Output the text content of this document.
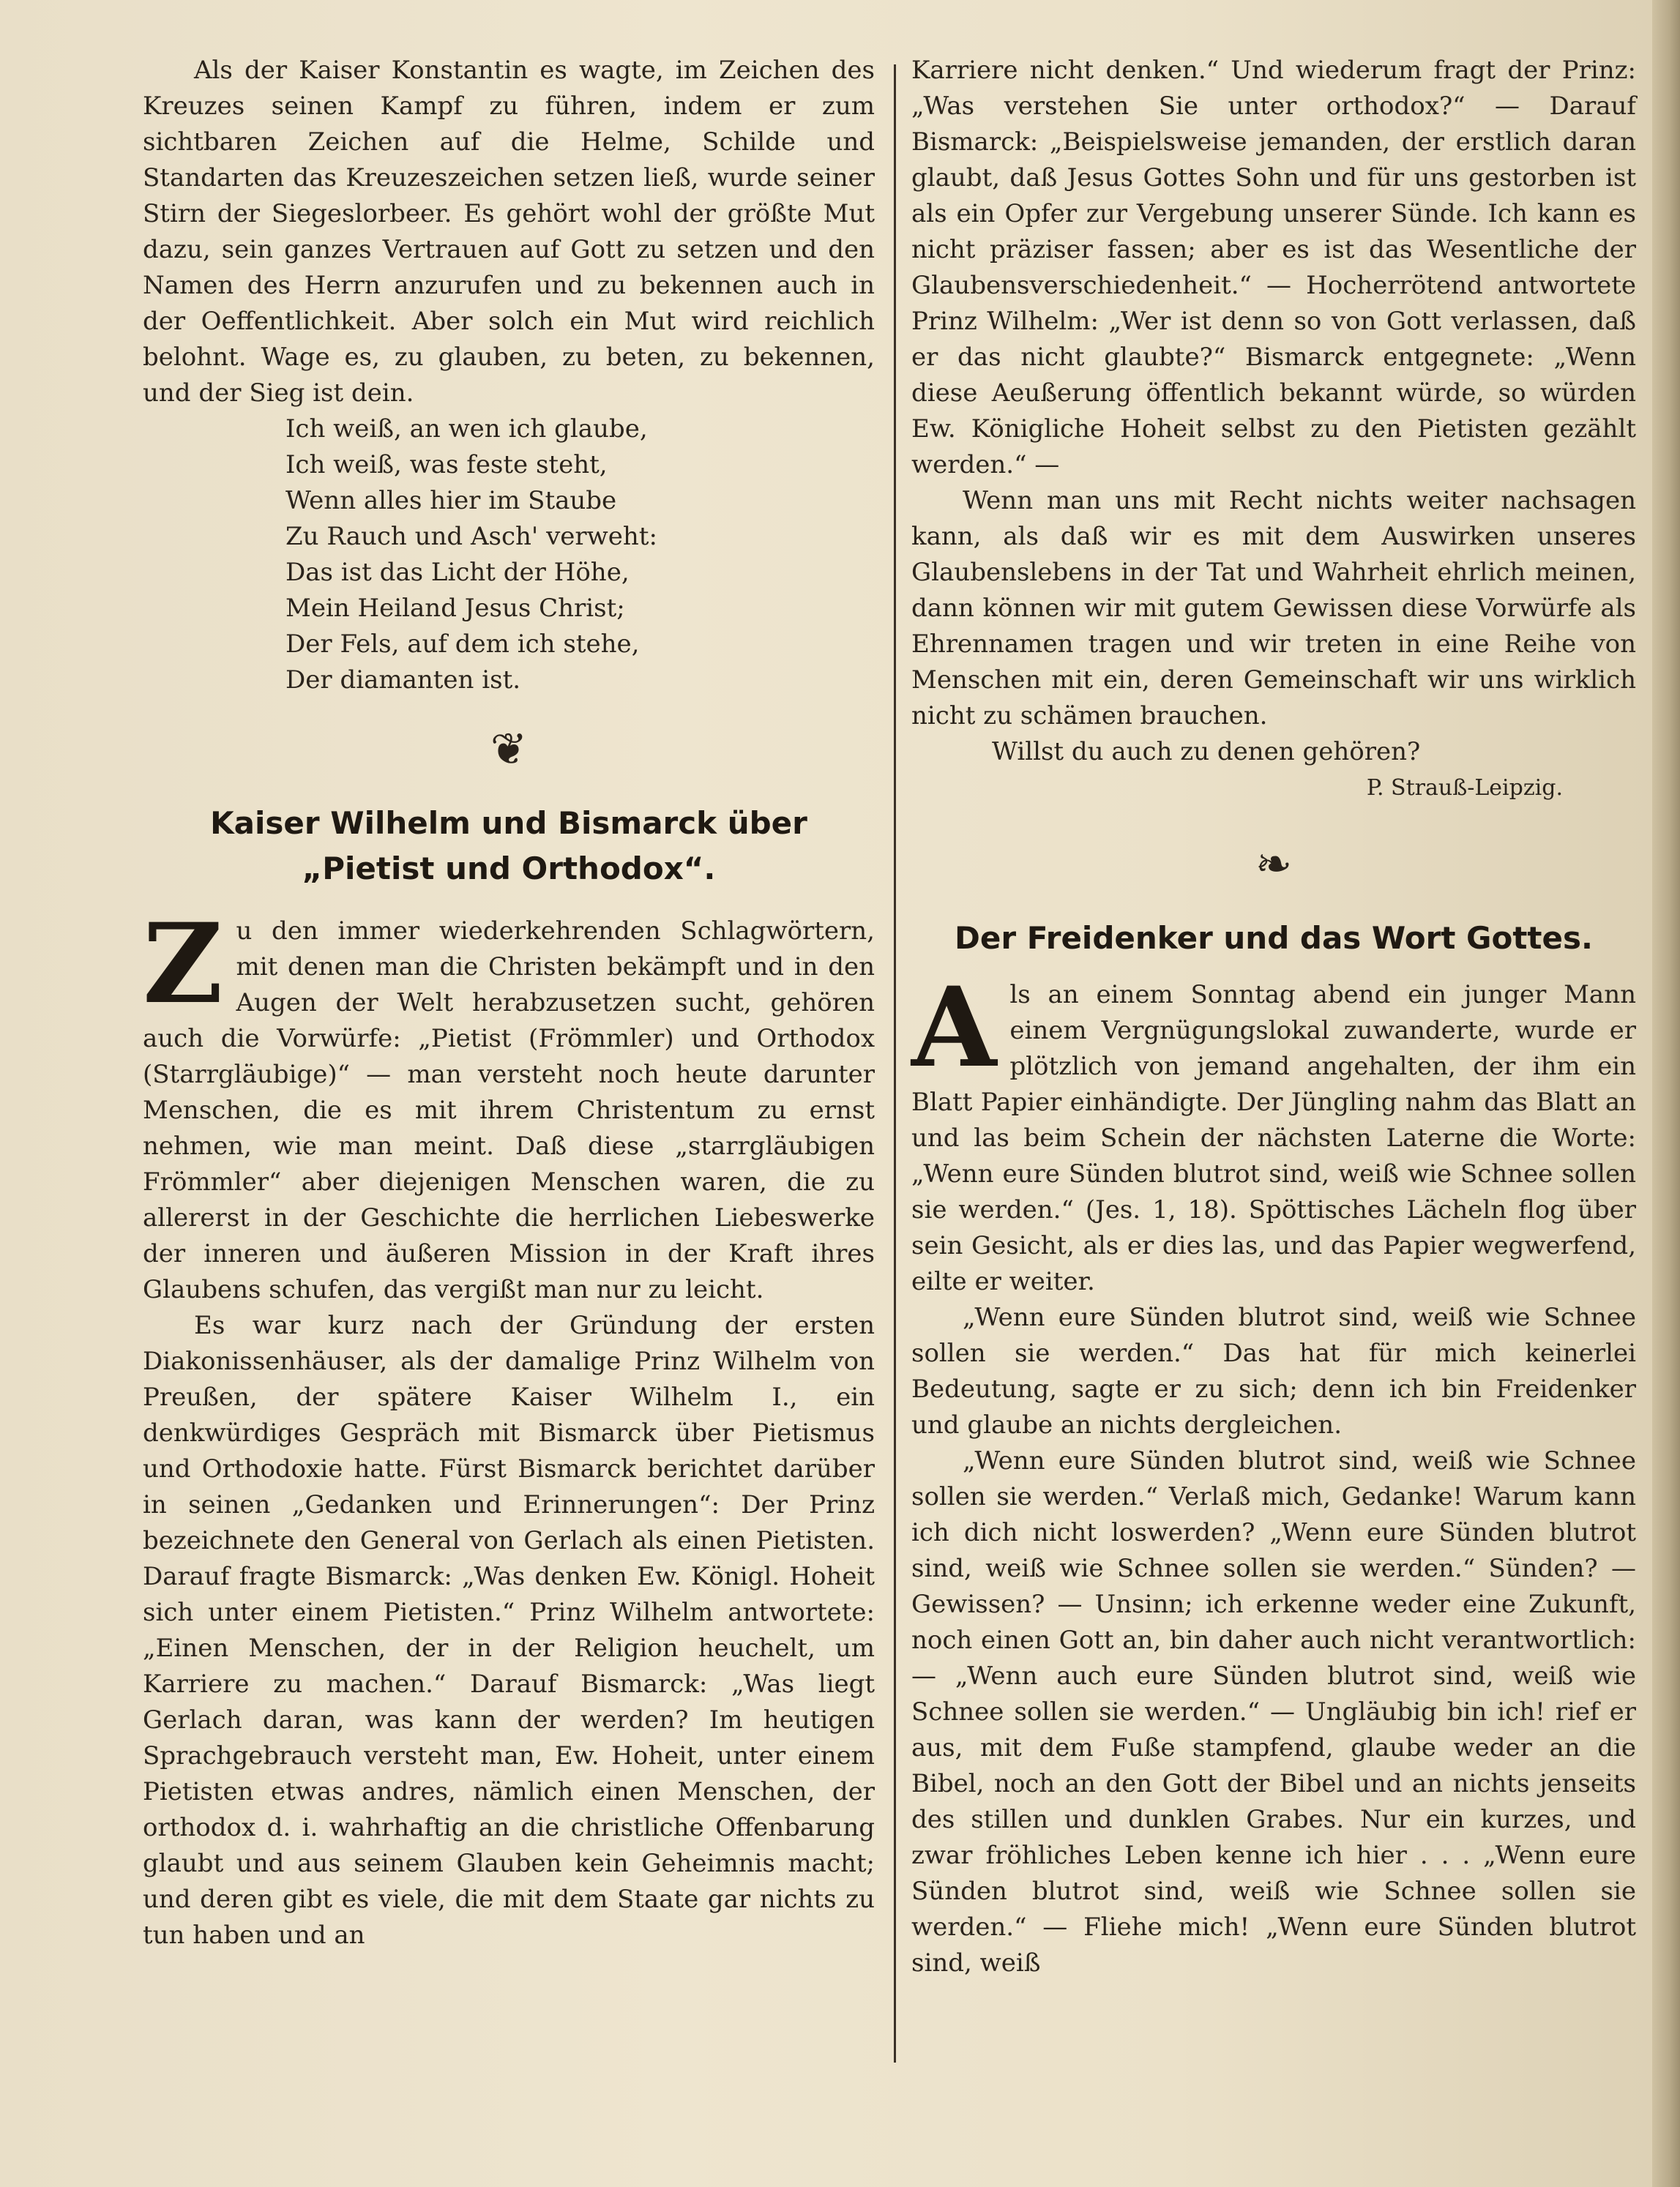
Als der Kaiser Konstantin es wagte, im Zeichen des Kreuzes seinen Kampf zu führen, indem er zum sichtbaren Zeichen auf die Helme, Schilde und Standarten das Kreuzeszeichen setzen ließ, wurde seiner Stirn der Siegeslorbeer. Es gehört wohl der größte Mut dazu, sein ganzes Vertrauen auf Gott zu setzen und den Namen des Herrn anzurufen und zu bekennen auch in der Oeffentlichkeit. Aber solch ein Mut wird reichlich belohnt. Wage es, zu glauben, zu beten, zu bekennen, und der Sieg ist dein.

Ich weiß, an wen ich glaube,
Ich weiß, was feste steht,
Wenn alles hier im Staube
Zu Rauch und Asch' verweht:
Das ist das Licht der Höhe,
Mein Heiland Jesus Christ;
Der Fels, auf dem ich stehe,
Der diamanten ist.
❦
Kaiser Wilhelm und Bismarck über „Pietist und Orthodox“.

Zu den immer wiederkehrenden Schlagwörtern, mit denen man die Christen bekämpft und in den Augen der Welt herabzusetzen sucht, gehören auch die Vorwürfe: „Pietist (Frömmler) und Orthodox (Starrgläubige)“ — man versteht noch heute darunter Menschen, die es mit ihrem Christentum zu ernst nehmen, wie man meint. Daß diese „starrgläubigen Frömmler“ aber diejenigen Menschen waren, die zu allererst in der Geschichte die herrlichen Liebeswerke der inneren und äußeren Mission in der Kraft ihres Glaubens schufen, das vergißt man nur zu leicht.

Es war kurz nach der Gründung der ersten Diakonissenhäuser, als der damalige Prinz Wilhelm von Preußen, der spätere Kaiser Wilhelm I., ein denkwürdiges Gespräch mit Bismarck über Pietismus und Orthodoxie hatte. Fürst Bismarck berichtet darüber in seinen „Gedanken und Erinnerungen“: Der Prinz bezeichnete den General von Gerlach als einen Pietisten. Darauf fragte Bismarck: „Was denken Ew. Königl. Hoheit sich unter einem Pietisten.“ Prinz Wilhelm antwortete: „Einen Menschen, der in der Religion heuchelt, um Karriere zu machen.“ Darauf Bismarck: „Was liegt Gerlach daran, was kann der werden? Im heutigen Sprachgebrauch versteht man, Ew. Hoheit, unter einem Pietisten etwas andres, nämlich einen Menschen, der orthodox d. i. wahrhaftig an die christliche Offenbarung glaubt und aus seinem Glauben kein Geheimnis macht; und deren gibt es viele, die mit dem Staate gar nichts zu tun haben und an

Karriere nicht denken.“ Und wiederum fragt der Prinz: „Was verstehen Sie unter orthodox?“ — Darauf Bismarck: „Beispielsweise jemanden, der erstlich daran glaubt, daß Jesus Gottes Sohn und für uns gestorben ist als ein Opfer zur Vergebung unserer Sünde. Ich kann es nicht präziser fassen; aber es ist das Wesentliche der Glaubensverschiedenheit.“ — Hocherrötend antwortete Prinz Wilhelm: „Wer ist denn so von Gott verlassen, daß er das nicht glaubte?“ Bismarck entgegnete: „Wenn diese Aeußerung öffentlich bekannt würde, so würden Ew. Königliche Hoheit selbst zu den Pietisten gezählt werden.“ —

Wenn man uns mit Recht nichts weiter nachsagen kann, als daß wir es mit dem Auswirken unseres Glaubenslebens in der Tat und Wahrheit ehrlich meinen, dann können wir mit gutem Gewissen diese Vorwürfe als Ehrennamen tragen und wir treten in eine Reihe von Menschen mit ein, deren Gemeinschaft wir uns wirklich nicht zu schämen brauchen.

Willst du auch zu denen gehören?

P. Strauß-Leipzig.
❧
Der Freidenker und das Wort Gottes.

Als an einem Sonntag abend ein junger Mann einem Vergnügungslokal zuwanderte, wurde er plötzlich von jemand angehalten, der ihm ein Blatt Papier einhändigte. Der Jüngling nahm das Blatt an und las beim Schein der nächsten Laterne die Worte: „Wenn eure Sünden blutrot sind, weiß wie Schnee sollen sie werden.“ (Jes. 1, 18). Spöttisches Lächeln flog über sein Gesicht, als er dies las, und das Papier wegwerfend, eilte er weiter.

„Wenn eure Sünden blutrot sind, weiß wie Schnee sollen sie werden.“ Das hat für mich keinerlei Bedeutung, sagte er zu sich; denn ich bin Freidenker und glaube an nichts dergleichen.

„Wenn eure Sünden blutrot sind, weiß wie Schnee sollen sie werden.“ Verlaß mich, Gedanke! Warum kann ich dich nicht loswerden? „Wenn eure Sünden blutrot sind, weiß wie Schnee sollen sie werden.“ Sünden? — Gewissen? — Unsinn; ich erkenne weder eine Zukunft, noch einen Gott an, bin daher auch nicht verantwortlich: — „Wenn auch eure Sünden blutrot sind, weiß wie Schnee sollen sie werden.“ — Ungläubig bin ich! rief er aus, mit dem Fuße stampfend, glaube weder an die Bibel, noch an den Gott der Bibel und an nichts jenseits des stillen und dunklen Grabes. Nur ein kurzes, und zwar fröhliches Leben kenne ich hier . . . „Wenn eure Sünden blutrot sind, weiß wie Schnee sollen sie werden.“ — Fliehe mich! „Wenn eure Sünden blutrot sind, weiß
